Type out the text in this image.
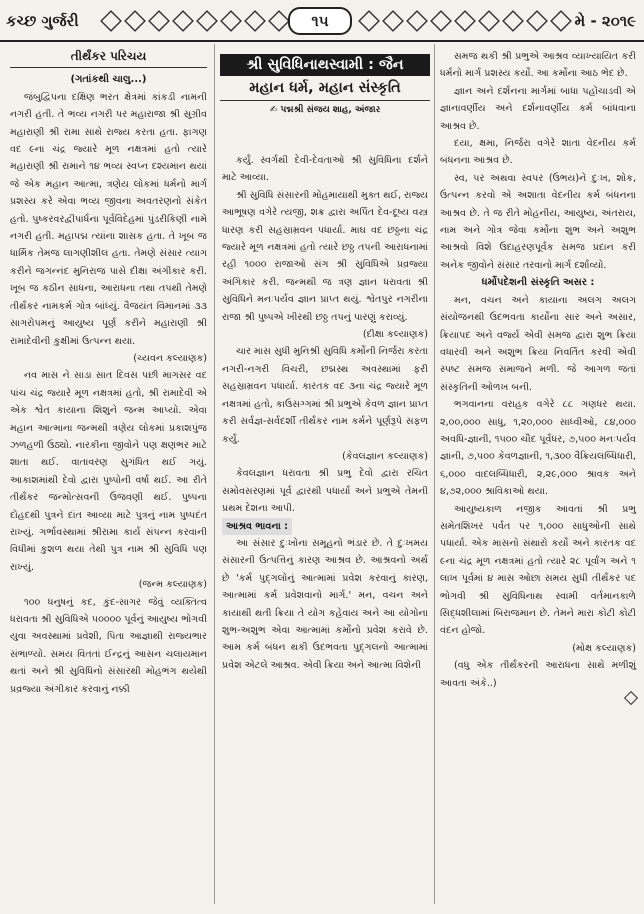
કચ્છ ગુર્જરી	૧૫	મે - ૨૦૧૯
તીર્થંકર પરિચય
(ગતાંકથી ચાલુ...)

જંબુદ્વિપના દક્ષિણ ભરત ક્ષેત્રમાં કાંકડી નામની નગરી હતી. તે ભવ્ય નગરી પર મહારાજા શ્રી સુગ્રીવ મહારાણી શ્રી રામા સાથે રાજ્ય કરતા હતા. ફાગણ વદ ૯ના ચંદ્ર જ્યારે મૂળ નક્ષત્રમાં હતો ત્યારે મહારાણી શ્રી રામાને ૧૪ ભવ્ય સ્વપ્ન દશ્યમાન થયાં જે એક મહાન આત્મા, ત્રણેય લોકમાં ધર્મનો માર્ગ પ્રશસ્ય કરે એવા ભવ્ય જીવના અવતરણનો સંકેત હતો. પુષ્કરવરદ્વીપાર્ધના પૂર્વવિદેહમાં પુંડરીકિણી નામે નગરી હતી. મહાપદ્મ ત્યાંના શાસક હતા. તે ખૂબ જ ધાર્મિક તેમજ લાગણીશીલ હતા. તેમણે સંસાર ત્યાગ કરીને જગન્નંદ મુનિરાજ પાસે દીક્ષા અંગીકાર કરી. ખૂબ જ કઠીન સાધના, આરાધના તથા તપથી તેમણે તીર્થંકર નામકર્મ ગોત્ર બાંધ્યું. વૈજયંત વિમાનમાં ૩૩ સાગરોપમનું આયુષ્ય પૂર્ણ કરીને મહારાણી શ્રી રામાદેવીની કુક્ષીમાં ઉત્પન્ન થયા.

(ચ્યવન કલ્યાણક)

નવ માસ ને સાડા સાત દિવસ પછી માગસર વદ પાંચ ચંદ્ર જ્યારે મૂળ નક્ષત્રમાં હતો, શ્રી રામાદેવી એ એક શ્વેત કાયાના શિશુને જન્મ આપ્યો. એવા મહાન આત્માના જન્મથી ત્રણેય લોકમાં પ્રકાશપુંજ ઝળહળી ઉઠ્યો. નારકીના જીવોને પણ ક્ષણભર માટે શાતા થઈ. વાતાવરણ સુગંધિત થઈ ગયું. આકાશમાંથી દેવો દ્વારા પુષ્પોની વર્ષા થઈ. આ રીતે તીર્થંકર જન્મોત્સવની ઉજવણી થઈ. પુષ્પના દોહદથી પુત્રને દાંત આવ્યા માટે પુત્રનું નામ પુષ્પદંત રાખ્યું. ગર્ભાવસ્થામાં શ્રીરામા કાર્ય સંપન્ન કરવાની વિધીમાં કુશળ થયા તેથી પુત્ર નામ શ્રી સુવિધિ પણ રાખ્યું.

(જન્મ કલ્યાણક)

૧૦૦ ધનુષનું કદ, કુંદ-સાગર જેવું વ્યક્તિત્વ ધરાવતા શ્રી સુવિધિએ ૫૦૦૦૦ પૂર્વનું આયુષ્ય ભોગવી યુવા અવસ્થામાં પ્રવેશી, પિતા આજ્ઞાથી રાજ્યભાર સંભાળ્યો. સમય વિતતાં ઈન્દ્રનું આસન ચલાયમાન થતાં અને શ્રી સુવિધિનો સંસારથી મોહભંગ થયેથી પ્રવ્રજ્યા અંગીકાર કરવાનું નક્કી

શ્રી સુવિધિનાથસ્વામી : જૈન
મહાન ધર્મ, મહાન સંસ્કૃતિ
✍ પદ્મશ્રી સંજય શાહ, અંજાર

કર્યું. સ્વર્ગથી દેવી-દેવતાઓ શ્રી સુવિધિના દર્શને માટે આવ્યા.

શ્રી સુવિધિ સંસારની મોહમાયાથી મુક્ત થઈ, રાજ્ય આભૂષણ વગેરે ત્યજી, શક્ર દ્વારા અર્પિત દેવ-દૂષ્ય વસ્ત્ર ધારણ કરી સહસ્રામ્રવન પધાર્યા. માઘ વદ છઠ્ઠના ચંદ્ર જ્યારે મૂળ નક્ષત્રમાં હતો ત્યારે છઠ્ઠ તપની આરાધનામાં રહી ૧૦૦૦ રાજાઓ સંગ શ્રી સુવિધિએ પ્રવ્રજ્યા અંગિકાર કરી. જન્મથી જ ત્રણ જ્ઞાન ધરાવતા શ્રી સુવિધિને મનઃપર્યવ જ્ઞાન પ્રાપ્ત થયું. શ્વેતપુર નગરીના રાજા શ્રી પુષ્પએ ખીરથી છઠ્ઠ તપનું પારણું કરાવ્યું.

(દીક્ષા કલ્યાણક)

ચાર માસ સુધી મુનિશ્રી સુવિધિ કર્મોની નિર્જરા કરતા નગરી-નગરી વિચરી, છદ્મસ્થ અવસ્થામાં ફરી સહસ્રામ્રવન પધાર્યા. કારતક વદ ૩ના ચંદ્ર જ્યારે મૂળ નક્ષત્રમાં હતો, કાઉસગ્ગમાં શ્રી પ્રભુએ કેવળ જ્ઞાન પ્રાપ્ત કરી સર્વજ્ઞ-સર્વદર્શી તીર્થંકર નામ કર્મને પૂર્ણરૂપે સફળ કર્યું.

(કેવલજ્ઞાન કલ્યાણક)

કેવલજ્ઞાન ધરાવતા શ્રી પ્રભુ દેવો દ્વારા રચિત સમોવસરણમાં પૂર્વ દ્વારથી પધાર્યા અને પ્રભુએ તેમની પ્રથમ દેશના આપી.

આશ્રવ ભાવના :

આ સંસાર દુઃખોના સમૂહનો ભંડાર છે. તે દુઃખમય સંસારની ઉત્પત્તિનું કારણ આશ્રવ છે. આશ્રવનો અર્થ છે 'કર્મ પુદ્ગલોનું આત્મામાં પ્રવેશ કરવાનું કારણ, આત્મામાં કર્મ પ્રવેશવાનો માર્ગ.' મન, વચન અને કાયાથી થતી ક્રિયા તે યોગ કહેવાય અને આ યોગોના શુભ-અશુભ એવા આત્મામાં કર્મોનો પ્રવેશ કરાવે છે. આમ કર્મ બંધન થકી ઉદભવતા પુદ્ગલનો આત્મામાં પ્રવેશ એટલે આશ્રવ. એવી ક્રિયા અને આત્મા વિશેની

સમજ થકી શ્રી પ્રભુએ આશ્રવ વ્યાખ્યાયિત કરી ધર્મનો માર્ગ પ્રશસ્ય કર્યો. આ કર્મોના આઠ ભેદ છે.

જ્ઞાન અને દર્શનના માર્ગમાં બાધા પહોંચાડવી એ જ્ઞાનાવર્ણીય અને દર્શનાવર્ણીય કર્મ બાંધવાના આશ્રવ છે.

દયા, ક્ષમા, નિર્જરા વગેરે શાતા વેદનીય કર્મ બંધનના આશ્રવ છે.

સ્વ, પર અથવા સ્વપર (ઉભય)ને દુઃખ, શોક, ઉત્પન્ન કરવો એ અશાતા વેદનીય કર્મ બંધનના આશ્રવ છે. તે જ રીતે મોહનીય, આયુષ્ય, અંતરાય, નામ અને ગોત્ર જેવા કર્મોના શુભ અને અશુભ આશ્રવો વિશે ઉદાહરણપૂર્વક સમજ પ્રદાન કરી અનેક જીવોને સંસાર તરવાનો માર્ગ દર્શાવ્યો.

ધર્મોપદેશની સંસ્કૃતિ અસર :

મન, વચન અને કાયાના અલગ અલગ સંયોજનથી ઉદભવતા કાર્યોના સાર અને અસાર, ક્રિયાપદ અને વર્જ્ય એવી સમજ દ્વારા શુભ ક્રિયા વધારવી અને અશુભ ક્રિયા નિવર્તિત કરવી એવી સ્પષ્ટ સમજ સમાજને મળી. જે આગળ જતાં સંસ્કૃતિની ઓળખ બની.

ભગવાનના વરાહક વગેરે ૮૮ ગણધર થયા. ૨,૦૦,૦૦૦ સાધુ, ૧,૨૦,૦૦૦ સાધ્વીઓ, ૮૪,૦૦૦ અવધિ-જ્ઞાની, ૧૫૦૦ ચૌદ પૂર્વધર, ૭,૫૦૦ મનઃપર્યવ જ્ઞાની, ૭,૫૦૦ કેવળજ્ઞાની, ૧,૩૦૦ વૈક્રિયલબ્ધિધારી, ૬,૦૦૦ વાદલબ્ધિધારી, ૨,૨૯,૦૦૦ શ્રાવક અને ૪,૭૨,૦૦૦ શ્રાવિકાઓ થયા.

આયુષ્યકાળ નજીક આવતાં શ્રી પ્રભુ સમેતશિખર પર્વત પર ૧,૦૦૦ સાધુઓની સાથે પધાર્યા. એક માસનો સંથારો કર્યો અને કારતક વદ ૯ના ચંદ્ર મૂળ નક્ષત્રમાં હતો ત્યારે ૨૮ પૂર્વાંગ અને ૧ લાખ પૂર્વમાં ૪ માસ ઓછા સમય સુધી તીર્થંકર પદ ભોગવી શ્રી સુવિધિનાથ સ્વામી વર્તમાનકાળે સિદ્ધશીલામાં બિરાજમાન છે. તેમને મારા કોટી કોટી વંદન હોજો.

(મોક્ષ કલ્યાણક)

(વધુ એક તીર્થંકરની આરાધના સાથે મળીશું આવતા અંકે..)
